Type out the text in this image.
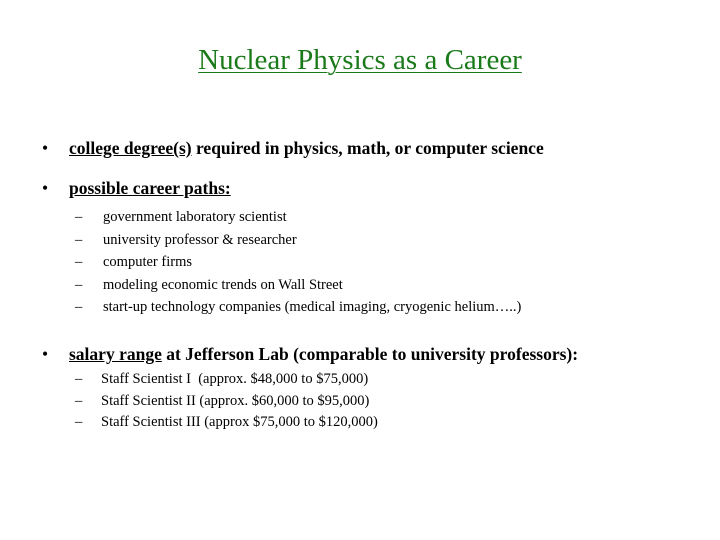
Nuclear Physics as a Career
• college degree(s) required in physics, math, or computer science
• possible career paths:
– government laboratory scientist
– university professor & researcher
– computer firms
– modeling economic trends on Wall Street
– start-up technology companies (medical imaging, cryogenic helium…..)
• salary range at Jefferson Lab (comparable to university professors):
– Staff Scientist I  (approx. $48,000 to $75,000)
– Staff Scientist II (approx. $60,000 to $95,000)
– Staff Scientist III (approx $75,000 to $120,000)
